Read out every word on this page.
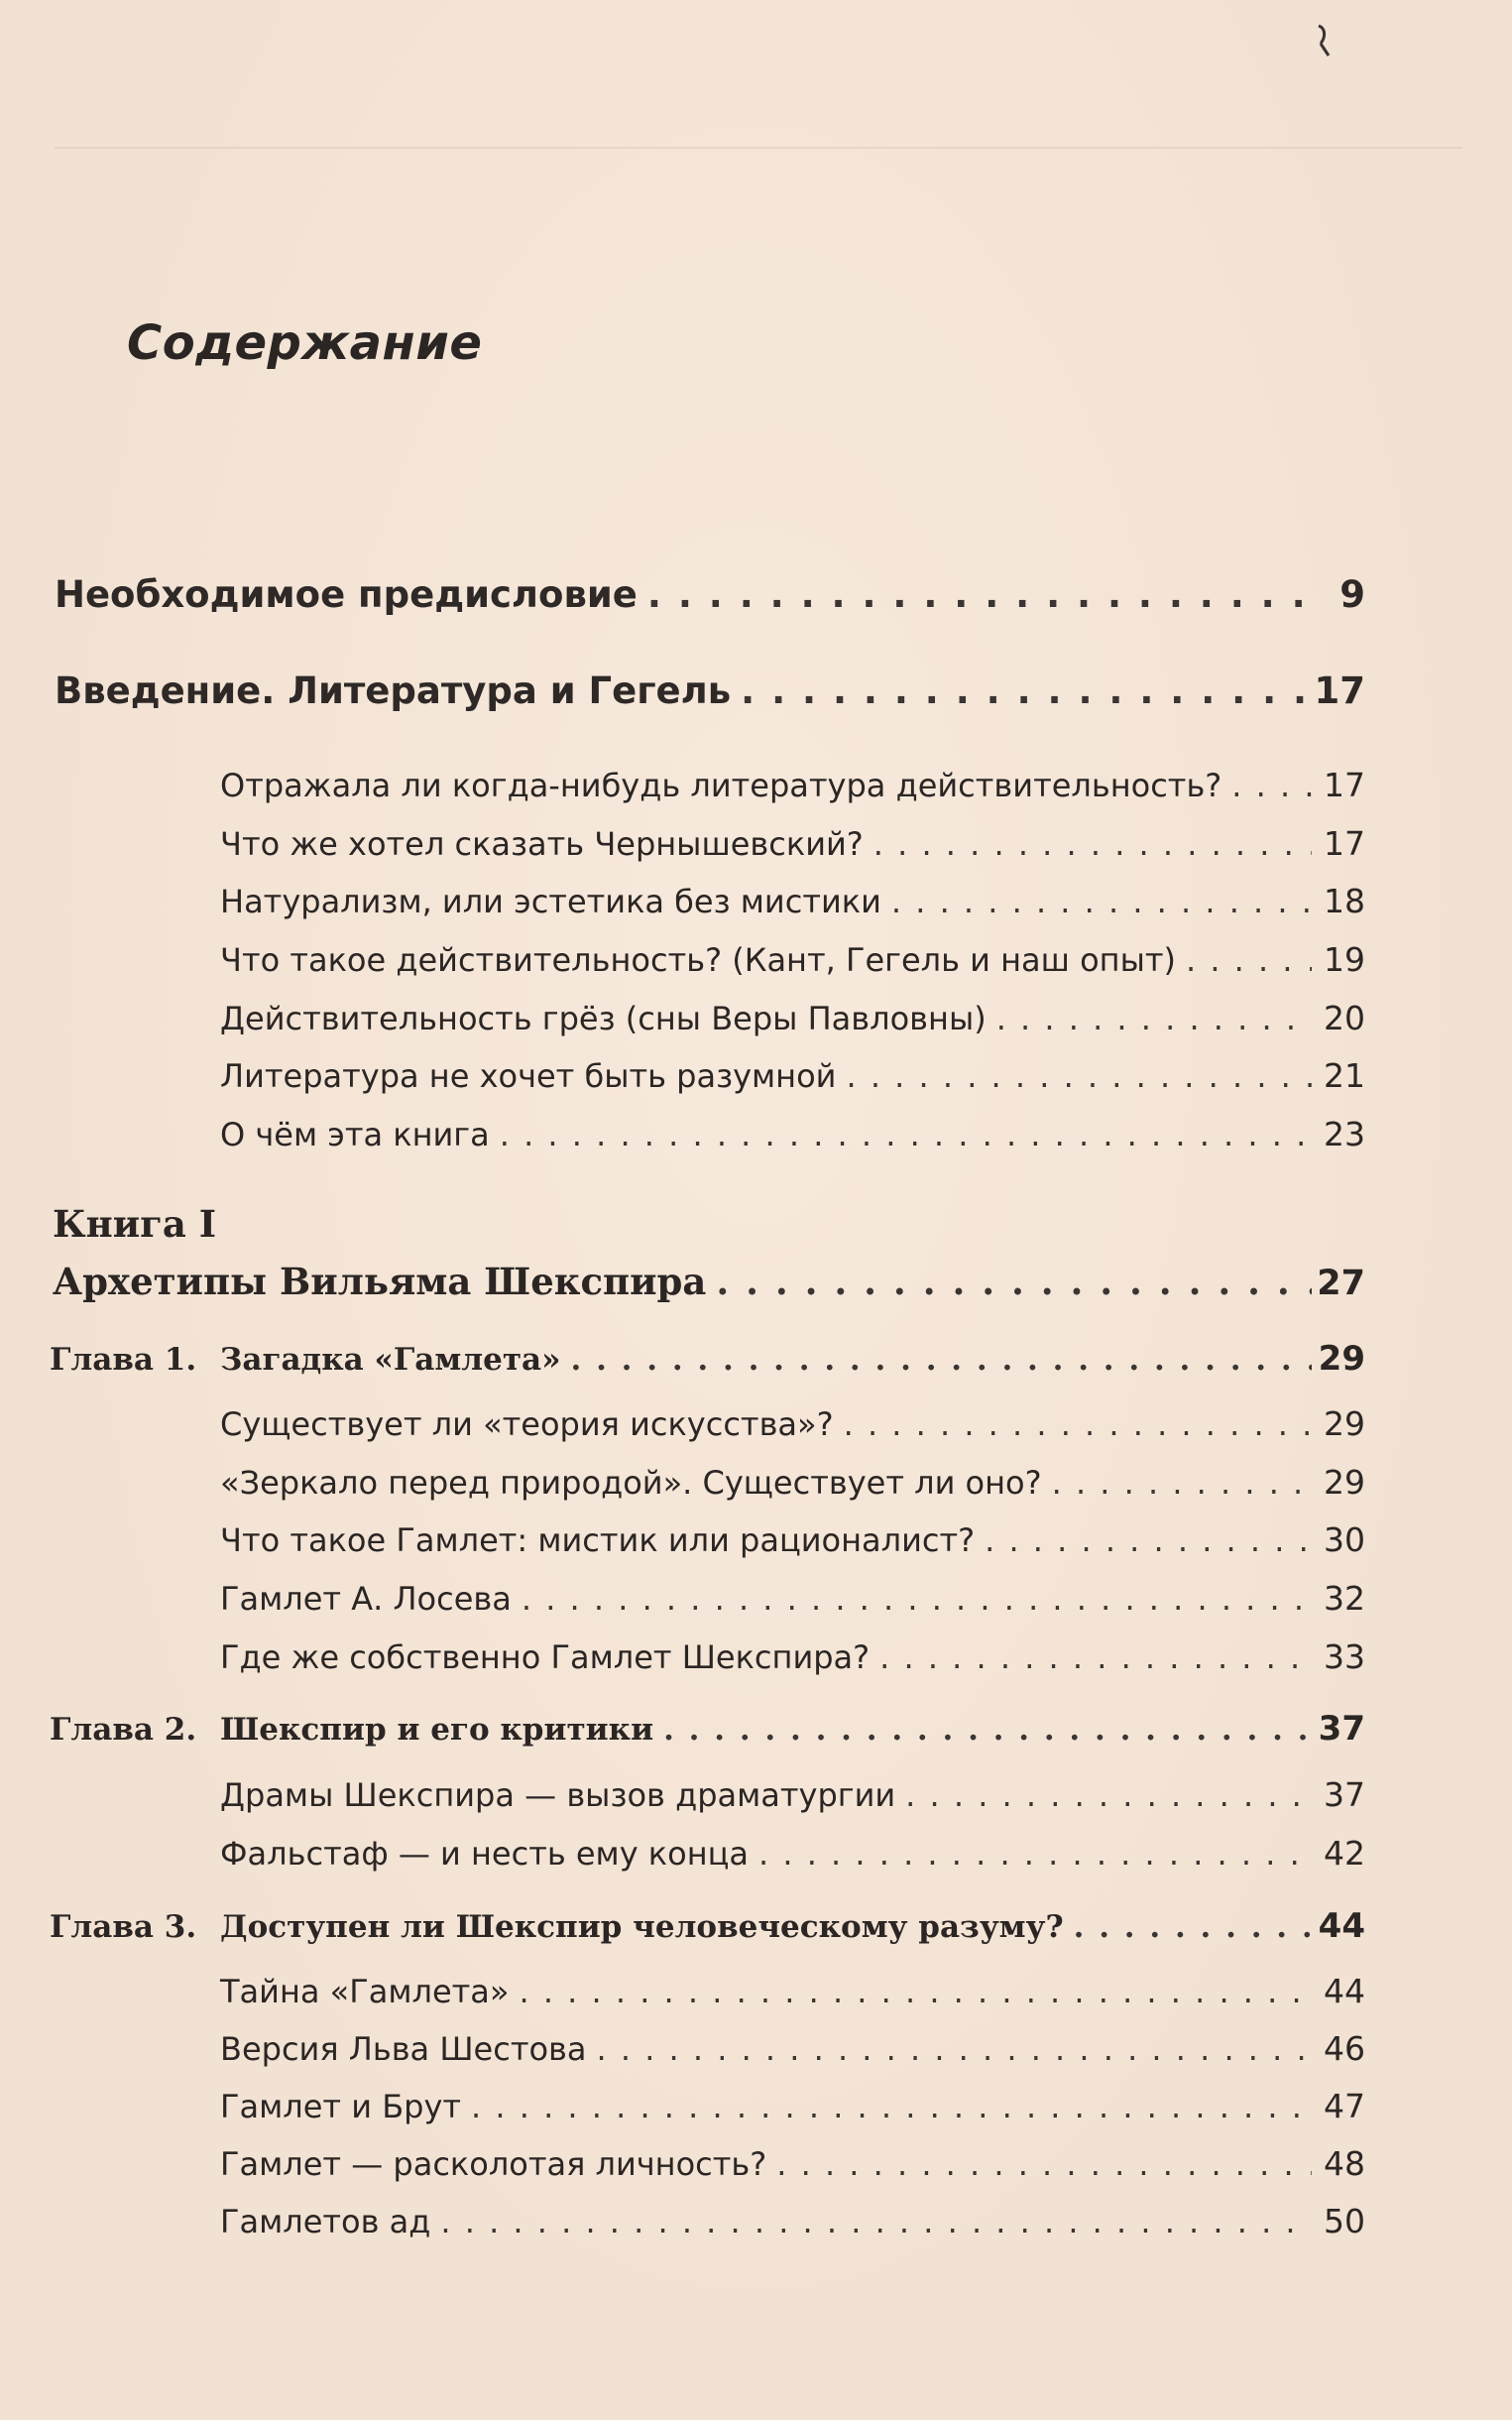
Содержание
Необходимое предисловие . . .	9
Введение. Литература и Гегель . . .	17
Отражала ли когда-нибудь литература действительность? . . .	17
Что же хотел сказать Чернышевский? . . .	17
Натурализм, или эстетика без мистики . . .	18
Что такое действительность? (Кант, Гегель и наш опыт) . . .	19
Действительность грёз (сны Веры Павловны) . . .	20
Литература не хочет быть разумной . . .	21
О чём эта книга . . .	23
Книга I
Архетипы Вильяма Шекспира . . .	27
Глава 1. Загадка «Гамлета» . . .	29
Существует ли «теория искусства»? . . .	29
«Зеркало перед природой». Существует ли оно? . . .	29
Что такое Гамлет: мистик или рационалист? . . .	30
Гамлет А. Лосева . . .	32
Где же собственно Гамлет Шекспира? . . .	33
Глава 2. Шекспир и его критики . . .	37
Драмы Шекспира — вызов драматургии . . .	37
Фальстаф — и несть ему конца . . .	42
Глава 3. Доступен ли Шекспир человеческому разуму? . . .	44
Тайна «Гамлета» . . .	44
Версия Льва Шестова . . .	46
Гамлет и Брут . . .	47
Гамлет — расколотая личность? . . .	48
Гамлетов ад . . .	50
